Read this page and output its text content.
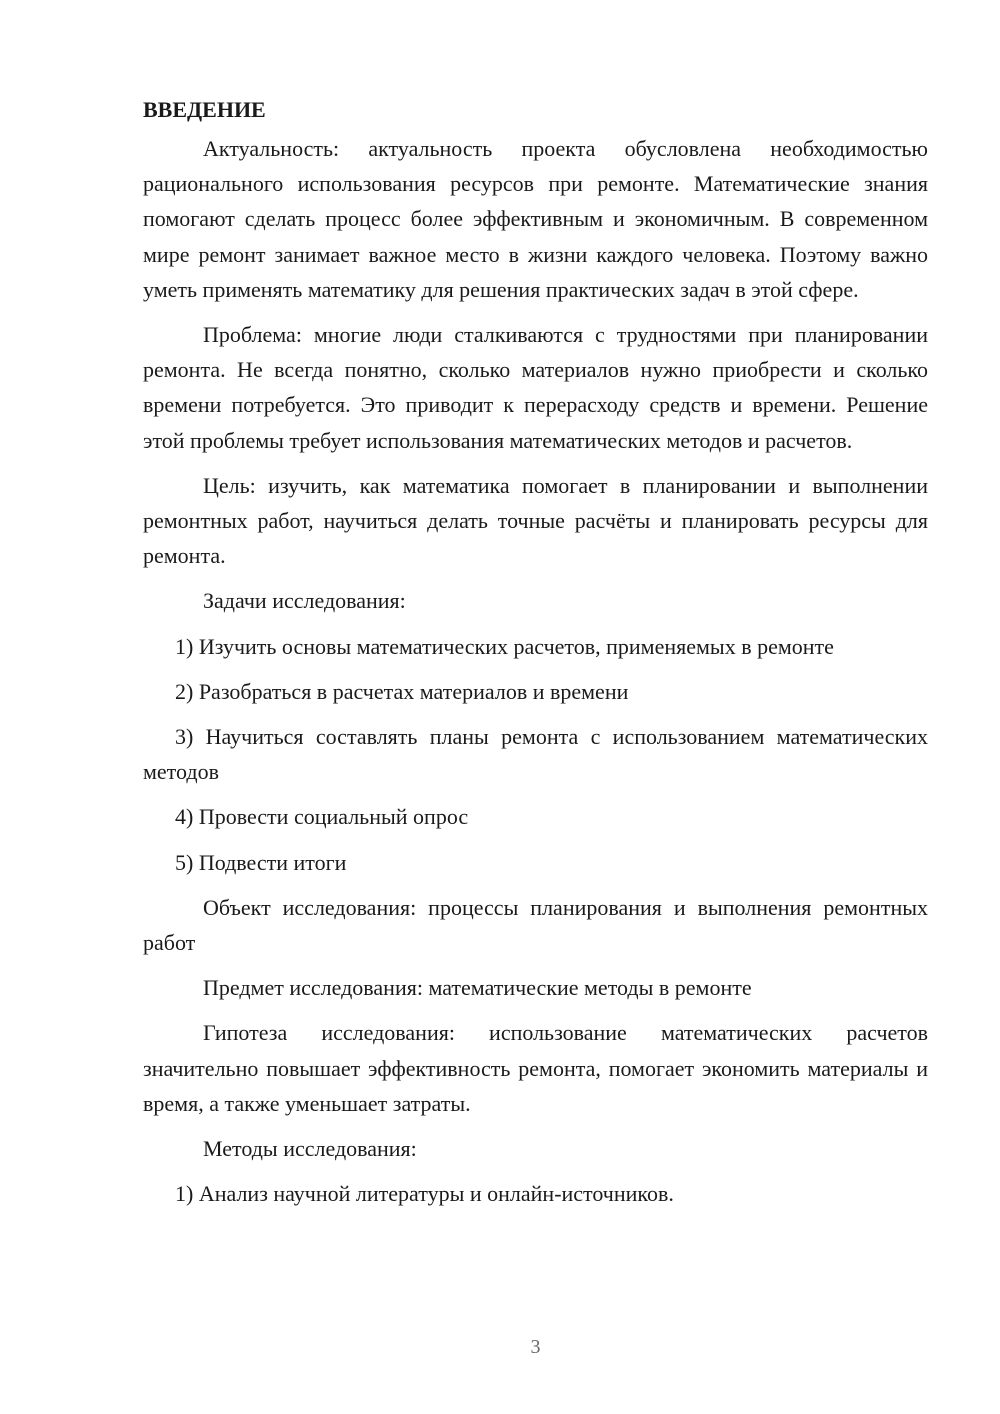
ВВЕДЕНИЕ

Актуальность: актуальность проекта обусловлена необходимостью рационального использования ресурсов при ремонте. Математические знания помогают сделать процесс более эффективным и экономичным. В современном мире ремонт занимает важное место в жизни каждого человека. Поэтому важно уметь применять математику для решения практических задач в этой сфере.

Проблема: многие люди сталкиваются с трудностями при планировании ремонта. Не всегда понятно, сколько материалов нужно приобрести и сколько времени потребуется. Это приводит к перерасходу средств и времени. Решение этой проблемы требует использования математических методов и расчетов.

Цель: изучить, как математика помогает в планировании и выполнении ремонтных работ, научиться делать точные расчёты и планировать ресурсы для ремонта.

Задачи исследования:

1) Изучить основы математических расчетов, применяемых в ремонте

2) Разобраться в расчетах материалов и времени

3) Научиться составлять планы ремонта с использованием математических методов

4) Провести социальный опрос

5) Подвести итоги

Объект исследования: процессы планирования и выполнения ремонтных работ

Предмет исследования: математические методы в ремонте

Гипотеза исследования: использование математических расчетов значительно повышает эффективность ремонта, помогает экономить материалы и время, а также уменьшает затраты.

Методы исследования:

1) Анализ научной литературы и онлайн-источников.

3
